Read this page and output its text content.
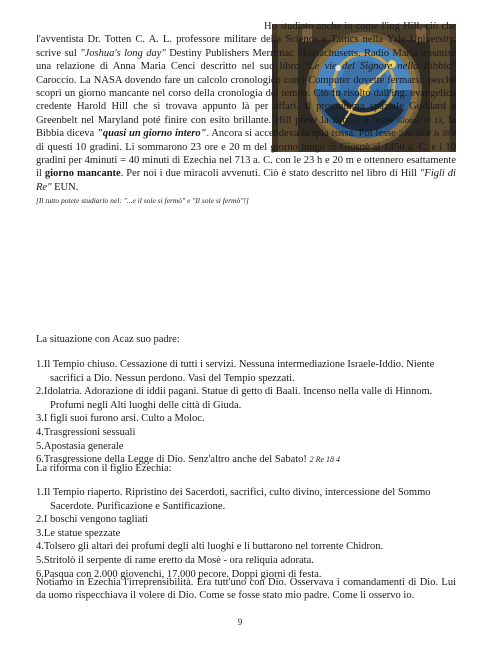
Ho studiato anche io come l'ing Hill, ciò che l'avventista Dr. Totten C. A. L. professore militare della Science e Tattics nella Yale University. scrive sul "Joshua's long day" Destiny Publishers Merrimac Massachusetts. Radio Maria trasmise una relazione di Anna Maria Cenci descritto nel suo libro "Le vie del Signore nella Bibbia" Caroccio. La NASA dovendo fare un calcolo cronologico con i Computer dovette fermarsi, perché scoprì un giorno mancante nel corso della cronologia del tempo. Ciò fu risolto dall'ing. evangelico credente Harold Hill che si trovava appunto là per affari. Il programma spaziale Goddard a Greenbelt nel Maryland poté finire con esito brillante. Hill prese la Bibbia e lesse Giosuè 10 13, la Bibbia diceva "quasi un giorno intero". Ancora si accendeva la spia rossa. Poi lesse 2 Re 20 e Is 38 8 di questi 10 gradini. Li sommarono 23 ore e 20 m del giorno lungo di Giosuè al 1450 a. C. e i 10 gradini per 4minuti = 40 minuti di Ezechia nel 713 a. C. con le 23 h e 20 m e ottennero esattamente il giorno mancante. Per noi i due miracoli avvenuti. Ciò è stato descritto nel libro di Hill "Figli di Re" EUN.
[Il tutto potete studiarlo nel: "...e il sole si fermò" e "Il sole si fermò"!]

La situazione con Acaz suo padre:

1.Il Tempio chiuso. Cessazione di tutti i servizi. Nessuna intermediazione Israele-Iddio. Niente sacrifici a Dio. Nessun perdono. Vasi del Tempio spezzati.
2.Idolatria. Adorazione di iddii pagani. Statue di getto di Baali. Incenso nella valle di Hinnom. Profumi negli Alti luoghi delle città di Giuda.
3.I figli suoi furono arsi. Culto a Moloc.
4.Trasgressioni sessuali
5.Apostasia generale
6.Trasgressione della Legge di Dio. Senz'altro anche del Sabato! 2 Re 18 4

La riforma con il figlio Ezechia:

1.Il Tempio riaperto. Ripristino dei Sacerdoti, sacrifici, culto divino, intercessione del Sommo Sacerdote. Purificazione e Santificazione.
2.I boschi vengono tagliati
3.Le statue spezzate
4.Tolsero gli altari dei profumi degli alti luoghi e li buttarono nel torrente Chidron.
5.Stritolò il serpente di rame eretto da Mosè - ora reliquia adorata.
6.Pasqua con 2.000 giovenchi, 17.000 pecore. Doppi giorni di festa.

Notiamo in Ezechia l'irreprensibilità. Era tutt'uno con Dio. Osservava i comandamenti di Dio. Lui da uomo rispecchiava il volere di Dio. Come se fosse stato mio padre. Come li osservo io.

9
